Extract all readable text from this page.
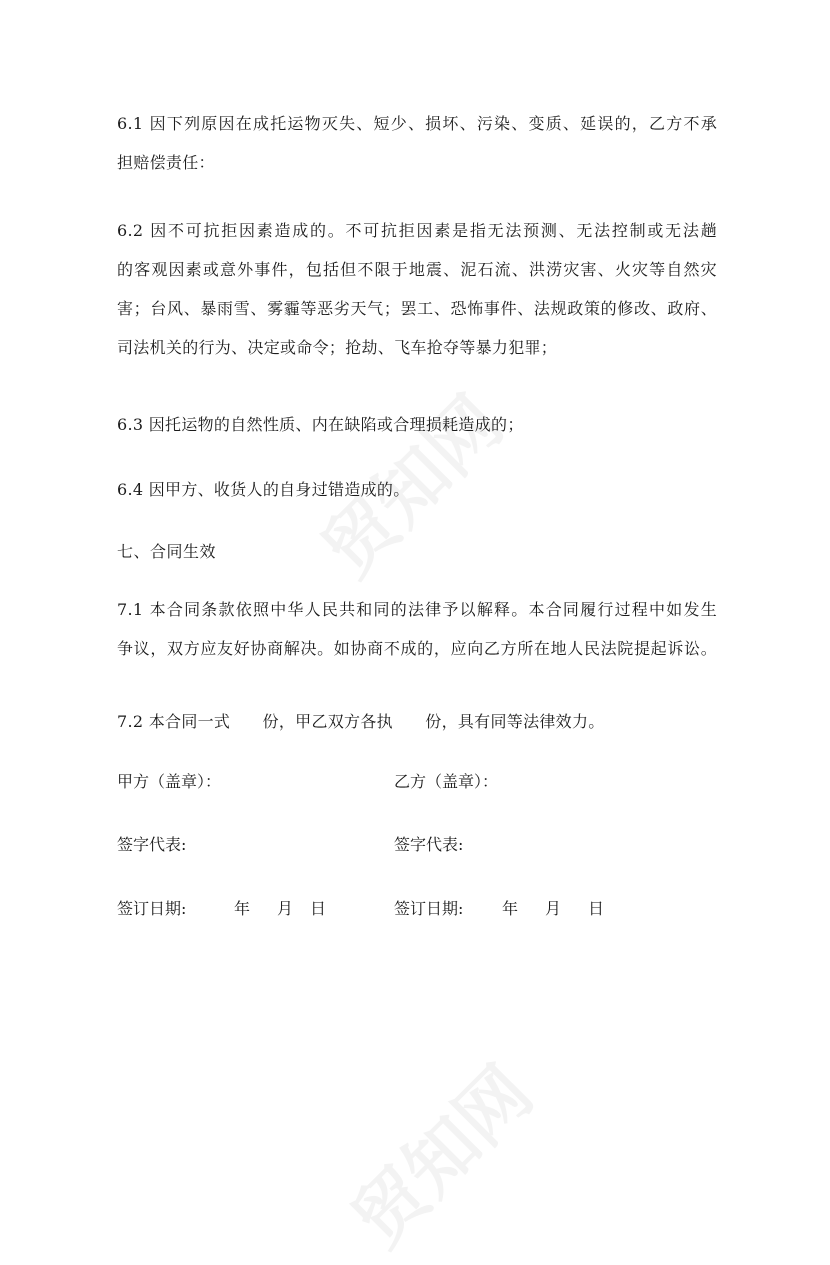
6.1 因下列原因在成托运物灭失、短少、损坏、污染、变质、延误的，乙方不承
担赔偿责任：
6.2 因不可抗拒因素造成的。不可抗拒因素是指无法预测、无法控制或无法趟
的客观因素或意外事件，包括但不限于地震、泥石流、洪涝灾害、火灾等自然灾
害；台风、暴雨雪、雾霾等恶劣天气；罢工、恐怖事件、法规政策的修改、政府、
司法机关的行为、决定或命令；抢劫、飞车抢夺等暴力犯罪；
6.3 因托运物的自然性质、内在缺陷或合理损耗造成的；
6.4 因甲方、收货人的自身过错造成的。
七、合同生效
7.1 本合同条款依照中华人民共和同的法律予以解释。本合同履行过程中如发生
争议，双方应友好协商解决。如协商不成的，应向乙方所在地人民法院提起诉讼。
7.2 本合同一式      份，甲乙双方各执      份，具有同等法律效力。
甲方（盖章）：	乙方（盖章）：
签字代表:	签字代表:
签订日期:	年 月 日	签订日期: 年 月 日
